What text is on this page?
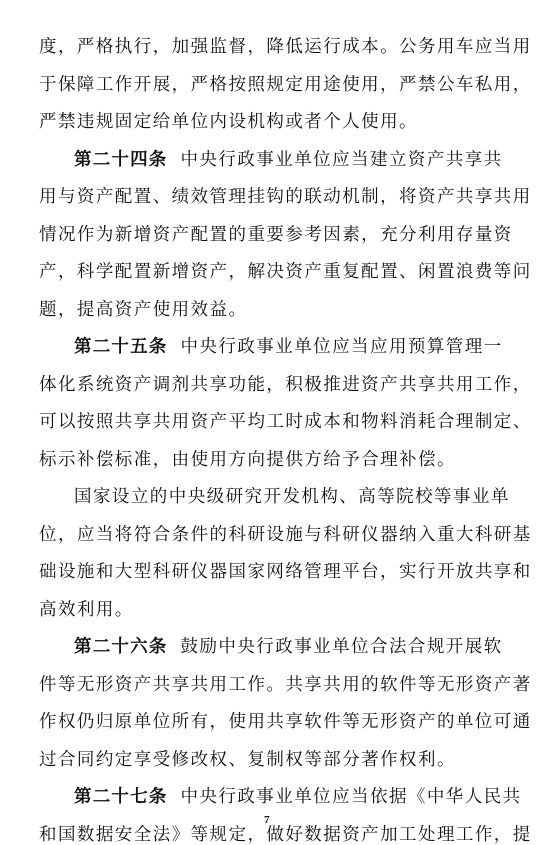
度，严格执行，加强监督，降低运行成本。公务用车应当用
于保障工作开展，严格按照规定用途使用，严禁公车私用，
严禁违规固定给单位内设机构或者个人使用。
第二十四条 中央行政事业单位应当建立资产共享共
用与资产配置、绩效管理挂钩的联动机制，将资产共享共用
情况作为新增资产配置的重要参考因素，充分利用存量资
产，科学配置新增资产，解决资产重复配置、闲置浪费等问
题，提高资产使用效益。
第二十五条 中央行政事业单位应当应用预算管理一
体化系统资产调剂共享功能，积极推进资产共享共用工作，
可以按照共享共用资产平均工时成本和物料消耗合理制定、
标示补偿标准，由使用方向提供方给予合理补偿。
国家设立的中央级研究开发机构、高等院校等事业单
位，应当将符合条件的科研设施与科研仪器纳入重大科研基
础设施和大型科研仪器国家网络管理平台，实行开放共享和
高效利用。
第二十六条 鼓励中央行政事业单位合法合规开展软
件等无形资产共享共用工作。共享共用的软件等无形资产著
作权仍归原单位所有，使用共享软件等无形资产的单位可通
过合同约定享受修改权、复制权等部分著作权利。
第二十七条 中央行政事业单位应当依据《中华人民共
和国数据安全法》等规定，做好数据资产加工处理工作，提
7
